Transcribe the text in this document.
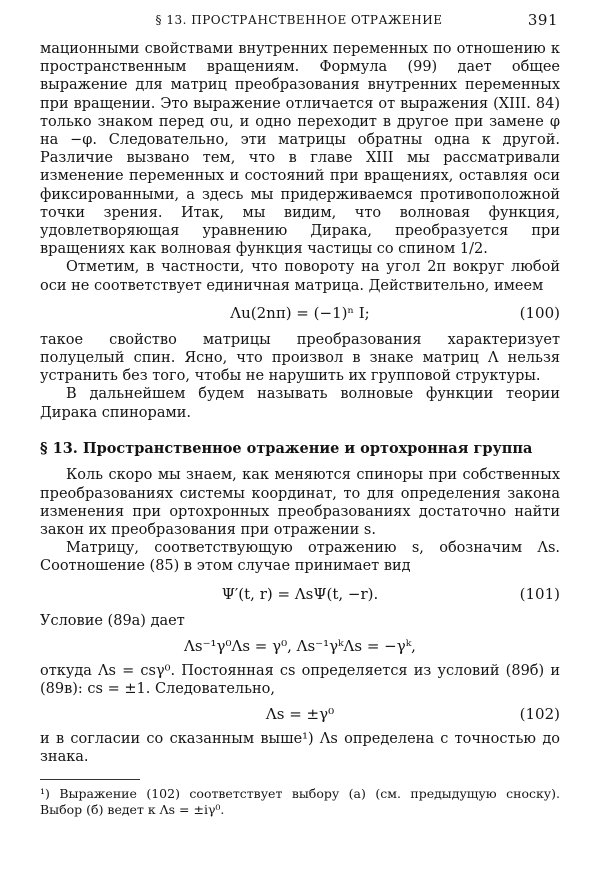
§ 13. ПРОСТРАНСТВЕННОЕ ОТРАЖЕНИЕ	391

мационными свойствами внутренних переменных по отношению к пространственным вращениям. Формула (99) дает общее выражение для матриц преобразования внутренних переменных при вращении. Это выражение отличается от выражения (XIII. 84) только знаком перед σu, и одно переходит в другое при замене φ на −φ. Следовательно, эти матрицы обратны одна к другой. Различие вызвано тем, что в главе XIII мы рассматривали изменение переменных и состояний при вращениях, оставляя оси фиксированными, а здесь мы придерживаемся противоположной точки зрения. Итак, мы видим, что волновая функция, удовлетворяющая уравнению Дирака, преобразуется при вращениях как волновая функция частицы со спином 1/2.

Отметим, в частности, что повороту на угол 2π вокруг любой оси не соответствует единичная матрица. Действительно, имеем

Λu(2nπ) = (−1)ⁿ I;	(100)

такое свойство матрицы преобразования характеризует полуцелый спин. Ясно, что произвол в знаке матриц Λ нельзя устранить без того, чтобы не нарушить их групповой структуры.

В дальнейшем будем называть волновые функции теории Дирака спинорами.

§ 13. Пространственное отражение и ортохронная группа

Коль скоро мы знаем, как меняются спиноры при собственных преобразованиях системы координат, то для определения закона изменения при ортохронных преобразованиях достаточно найти закон их преобразования при отражении s.

Матрицу, соответствующую отражению s, обозначим Λs. Соотношение (85) в этом случае принимает вид

Ψ′(t, r) = ΛsΨ(t, −r).	(101)

Условие (89а) дает

Λs⁻¹γ⁰Λs = γ⁰, Λs⁻¹γᵏΛs = −γᵏ,

откуда Λs = csγ⁰. Постоянная cs определяется из условий (89б) и (89в): cs = ±1. Следовательно,

Λs = ±γ⁰	(102)

и в согласии со сказанным выше¹) Λs определена с точностью до знака.

¹) Выражение (102) соответствует выбору (а) (см. предыдущую сноску). Выбор (б) ведет к Λs = ±iγ⁰.
